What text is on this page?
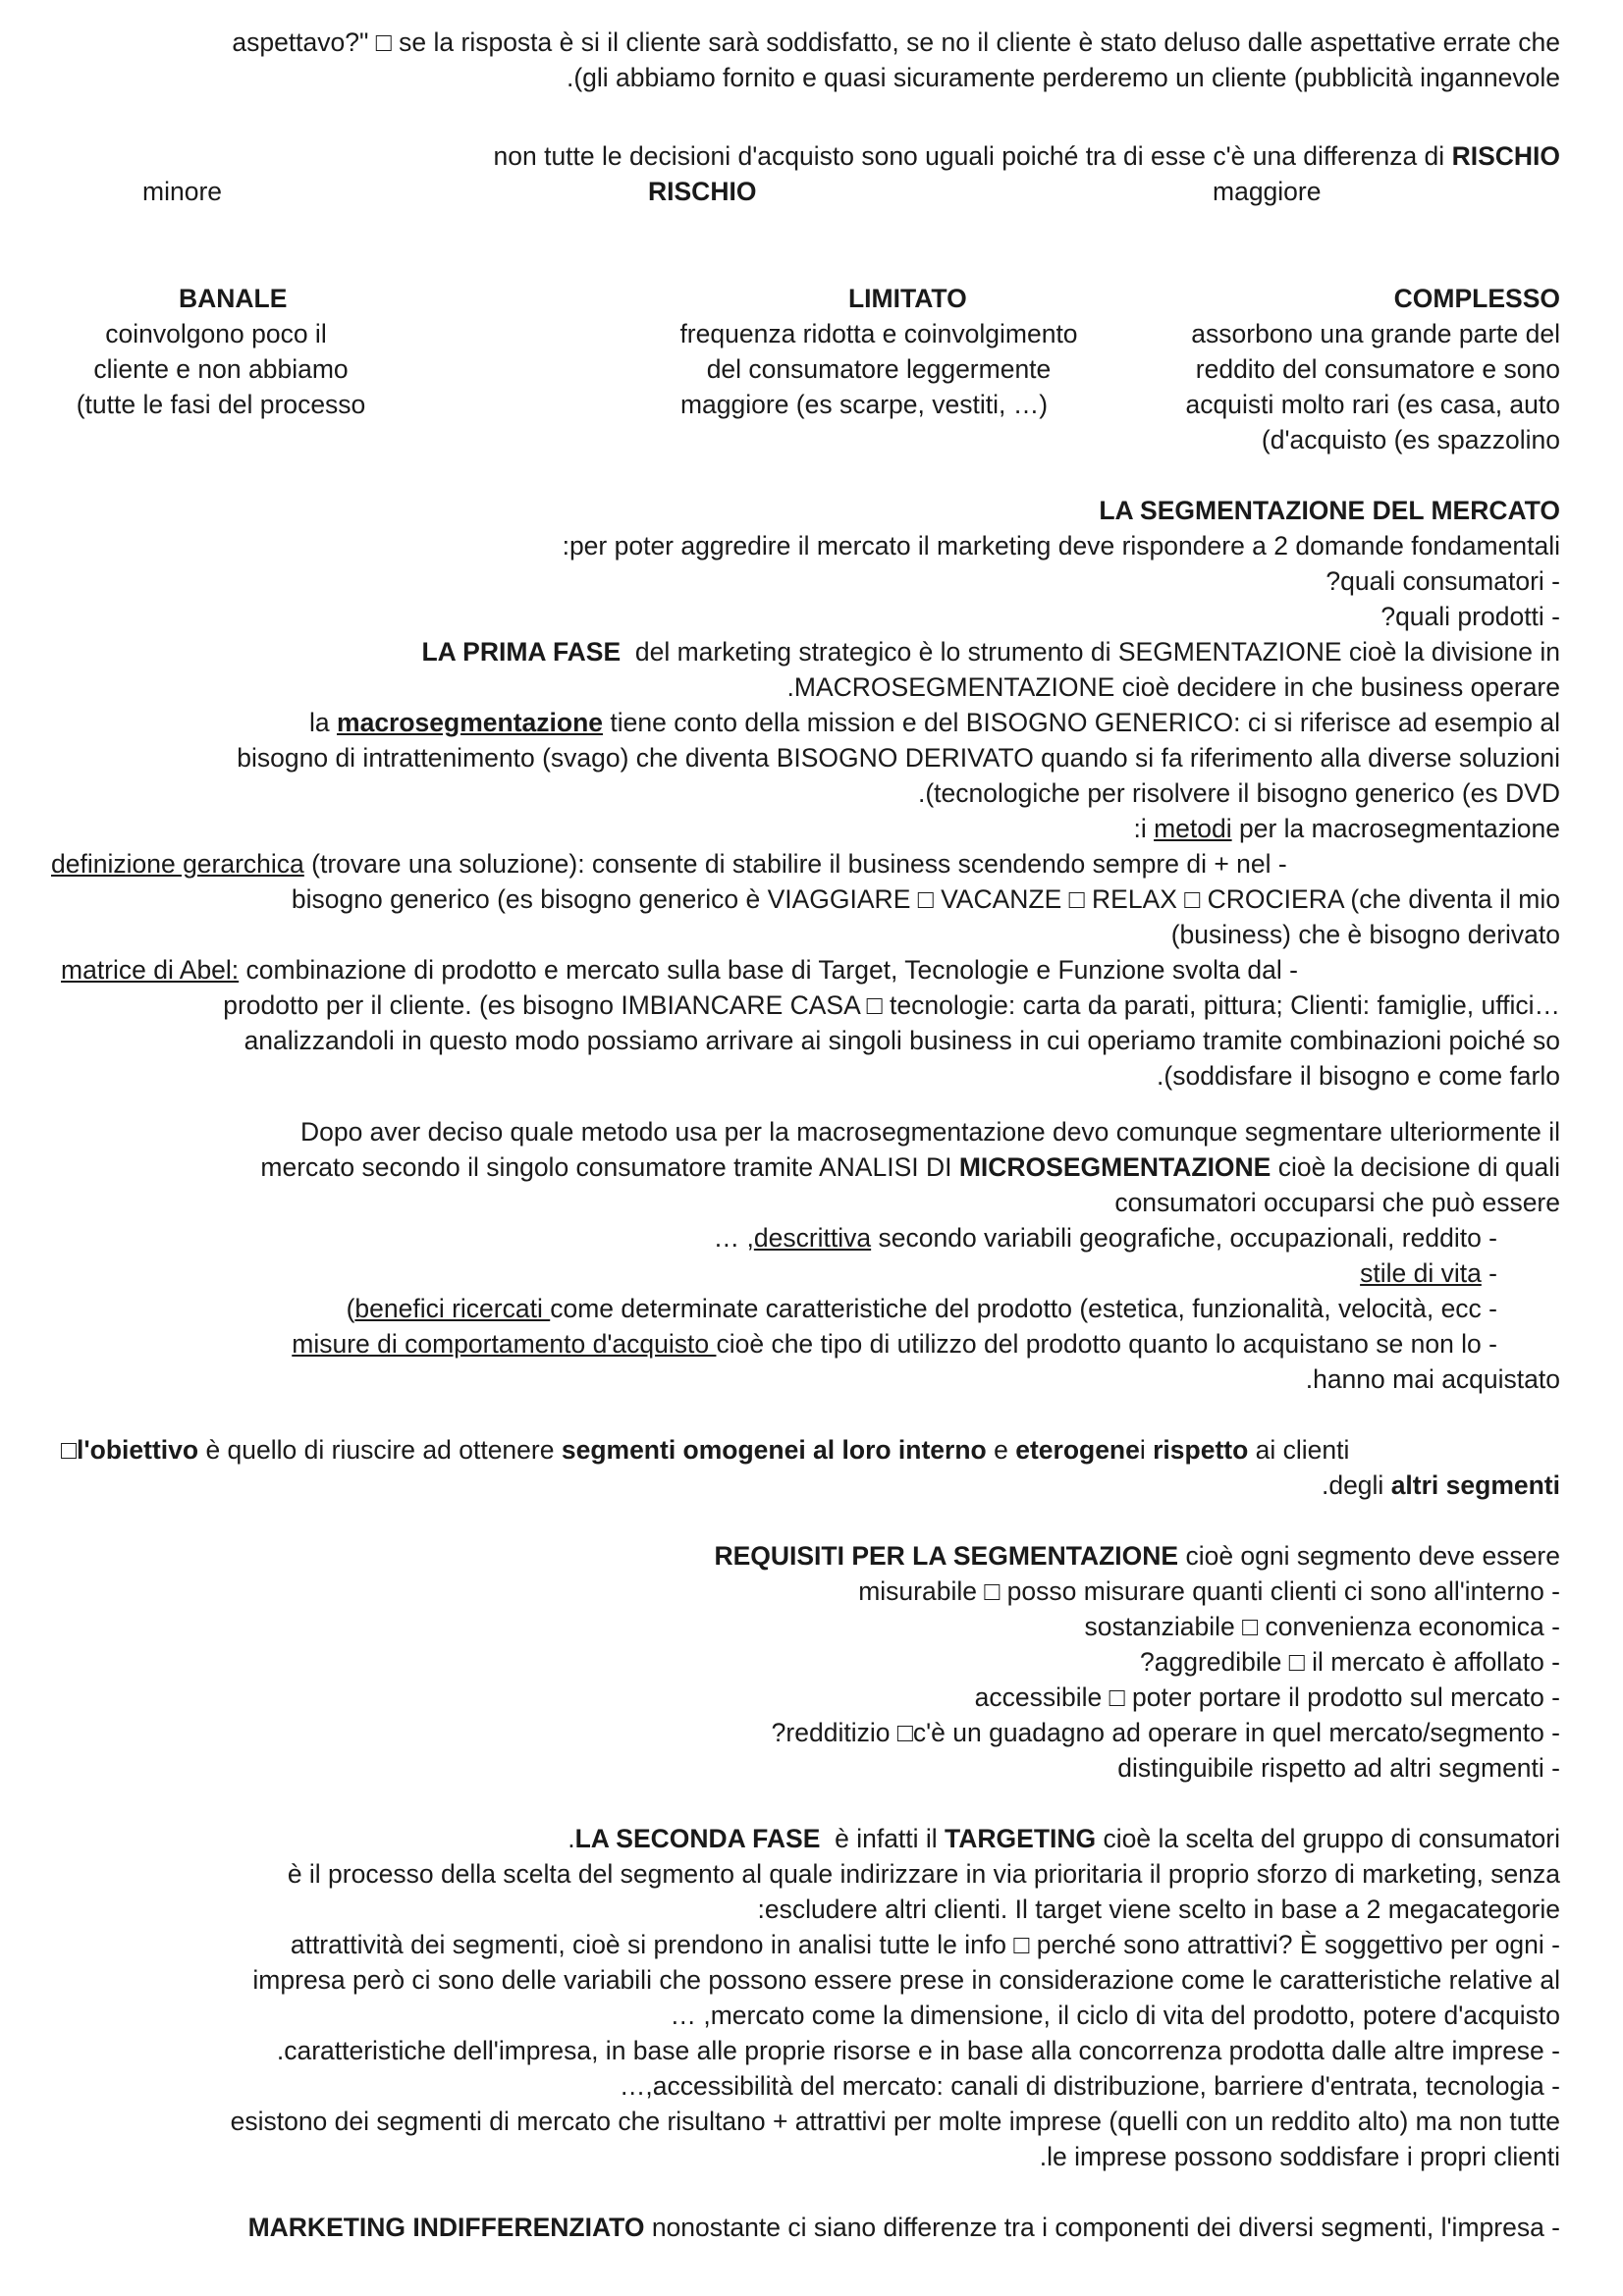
aspettavo?" □ se la risposta è si il cliente sarà soddisfatto, se no il cliente è stato deluso dalle aspettative errate che
.(gli abbiamo fornito e quasi sicuramente perderemo un cliente (pubblicità ingannevole
non tutte le decisioni d'acquisto sono uguali poiché tra di esse c'è una differenza di RISCHIO
minore	RISCHIO	maggiore
BANALE
coinvolgono poco il
cliente e non abbiamo
(tutte le fasi del processo
LIMITATO
frequenza ridotta e coinvolgimento
del consumatore leggermente
maggiore (es scarpe, vestiti, …)
COMPLESSO
assorbono una grande parte del
reddito del consumatore e sono
acquisti molto rari (es casa, auto
(d'acquisto (es spazzolino
LA SEGMENTAZIONE DEL MERCATO
:per poter aggredire il mercato il marketing deve rispondere a 2 domande fondamentali
?quali consumatori -
?quali prodotti -
LA PRIMA FASE  del marketing strategico è lo strumento di SEGMENTAZIONE cioè la divisione in
.MACROSEGMENTAZIONE cioè decidere in che business operare
la macrosegmentazione tiene conto della mission e del BISOGNO GENERICO: ci si riferisce ad esempio al
bisogno di intrattenimento (svago) che diventa BISOGNO DERIVATO quando si fa riferimento alla diverse soluzioni
.(tecnologiche per risolvere il bisogno generico (es DVD
:i metodi per la macrosegmentazione
definizione gerarchica (trovare una soluzione): consente di stabilire il business scendendo sempre di + nel -
bisogno generico (es bisogno generico è VIAGGIARE □ VACANZE □ RELAX □ CROCIERA (che diventa il mio
(business) che è bisogno derivato
matrice di Abel: combinazione di prodotto e mercato sulla base di Target, Tecnologie e Funzione svolta dal -
prodotto per il cliente. (es bisogno IMBIANCARE CASA □ tecnologie: carta da parati, pittura; Clienti: famiglie, uffici…
analizzandoli in questo modo possiamo arrivare ai singoli business in cui operiamo tramite combinazioni poiché so
.(soddisfare il bisogno e come farlo
Dopo aver deciso quale metodo usa per la macrosegmentazione devo comunque segmentare ulteriormente il
mercato secondo il singolo consumatore tramite ANALISI DI MICROSEGMENTAZIONE cioè la decisione di quali
consumatori occuparsi che può essere
… ,descrittiva secondo variabili geografiche, occupazionali, reddito -
stile di vita -
(benefici ricercati come determinate caratteristiche del prodotto (estetica, funzionalità, velocità, ecc -
misure di comportamento d'acquisto cioè che tipo di utilizzo del prodotto quanto lo acquistano se non lo -
.hanno mai acquistato
□l'obiettivo è quello di riuscire ad ottenere segmenti omogenei al loro interno e eterogenei rispetto ai clienti
.degli altri segmenti
REQUISITI PER LA SEGMENTAZIONE cioè ogni segmento deve essere
misurabile □ posso misurare quanti clienti ci sono all'interno -
sostanziabile □ convenienza economica -
?aggredibile □ il mercato è affollato -
accessibile □ poter portare il prodotto sul mercato -
?redditizio □c'è un guadagno ad operare in quel mercato/segmento -
distinguibile rispetto ad altri segmenti -
.LA SECONDA FASE  è infatti il TARGETING cioè la scelta del gruppo di consumatori
è il processo della scelta del segmento al quale indirizzare in via prioritaria il proprio sforzo di marketing, senza
:escludere altri clienti. Il target viene scelto in base a 2 megacategorie
attrattività dei segmenti, cioè si prendono in analisi tutte le info □ perché sono attrattivi? È soggettivo per ogni -
impresa però ci sono delle variabili che possono essere prese in considerazione come le caratteristiche relative al
… ,mercato come la dimensione, il ciclo di vita del prodotto, potere d'acquisto
.caratteristiche dell'impresa, in base alle proprie risorse e in base alla concorrenza prodotta dalle altre imprese -
…,accessibilità del mercato: canali di distribuzione, barriere d'entrata, tecnologia -
esistono dei segmenti di mercato che risultano + attrattivi per molte imprese (quelli con un reddito alto) ma non tutte
.le imprese possono soddisfare i propri clienti
MARKETING INDIFFERENZIATO nonostante ci siano differenze tra i componenti dei diversi segmenti, l'impresa -
